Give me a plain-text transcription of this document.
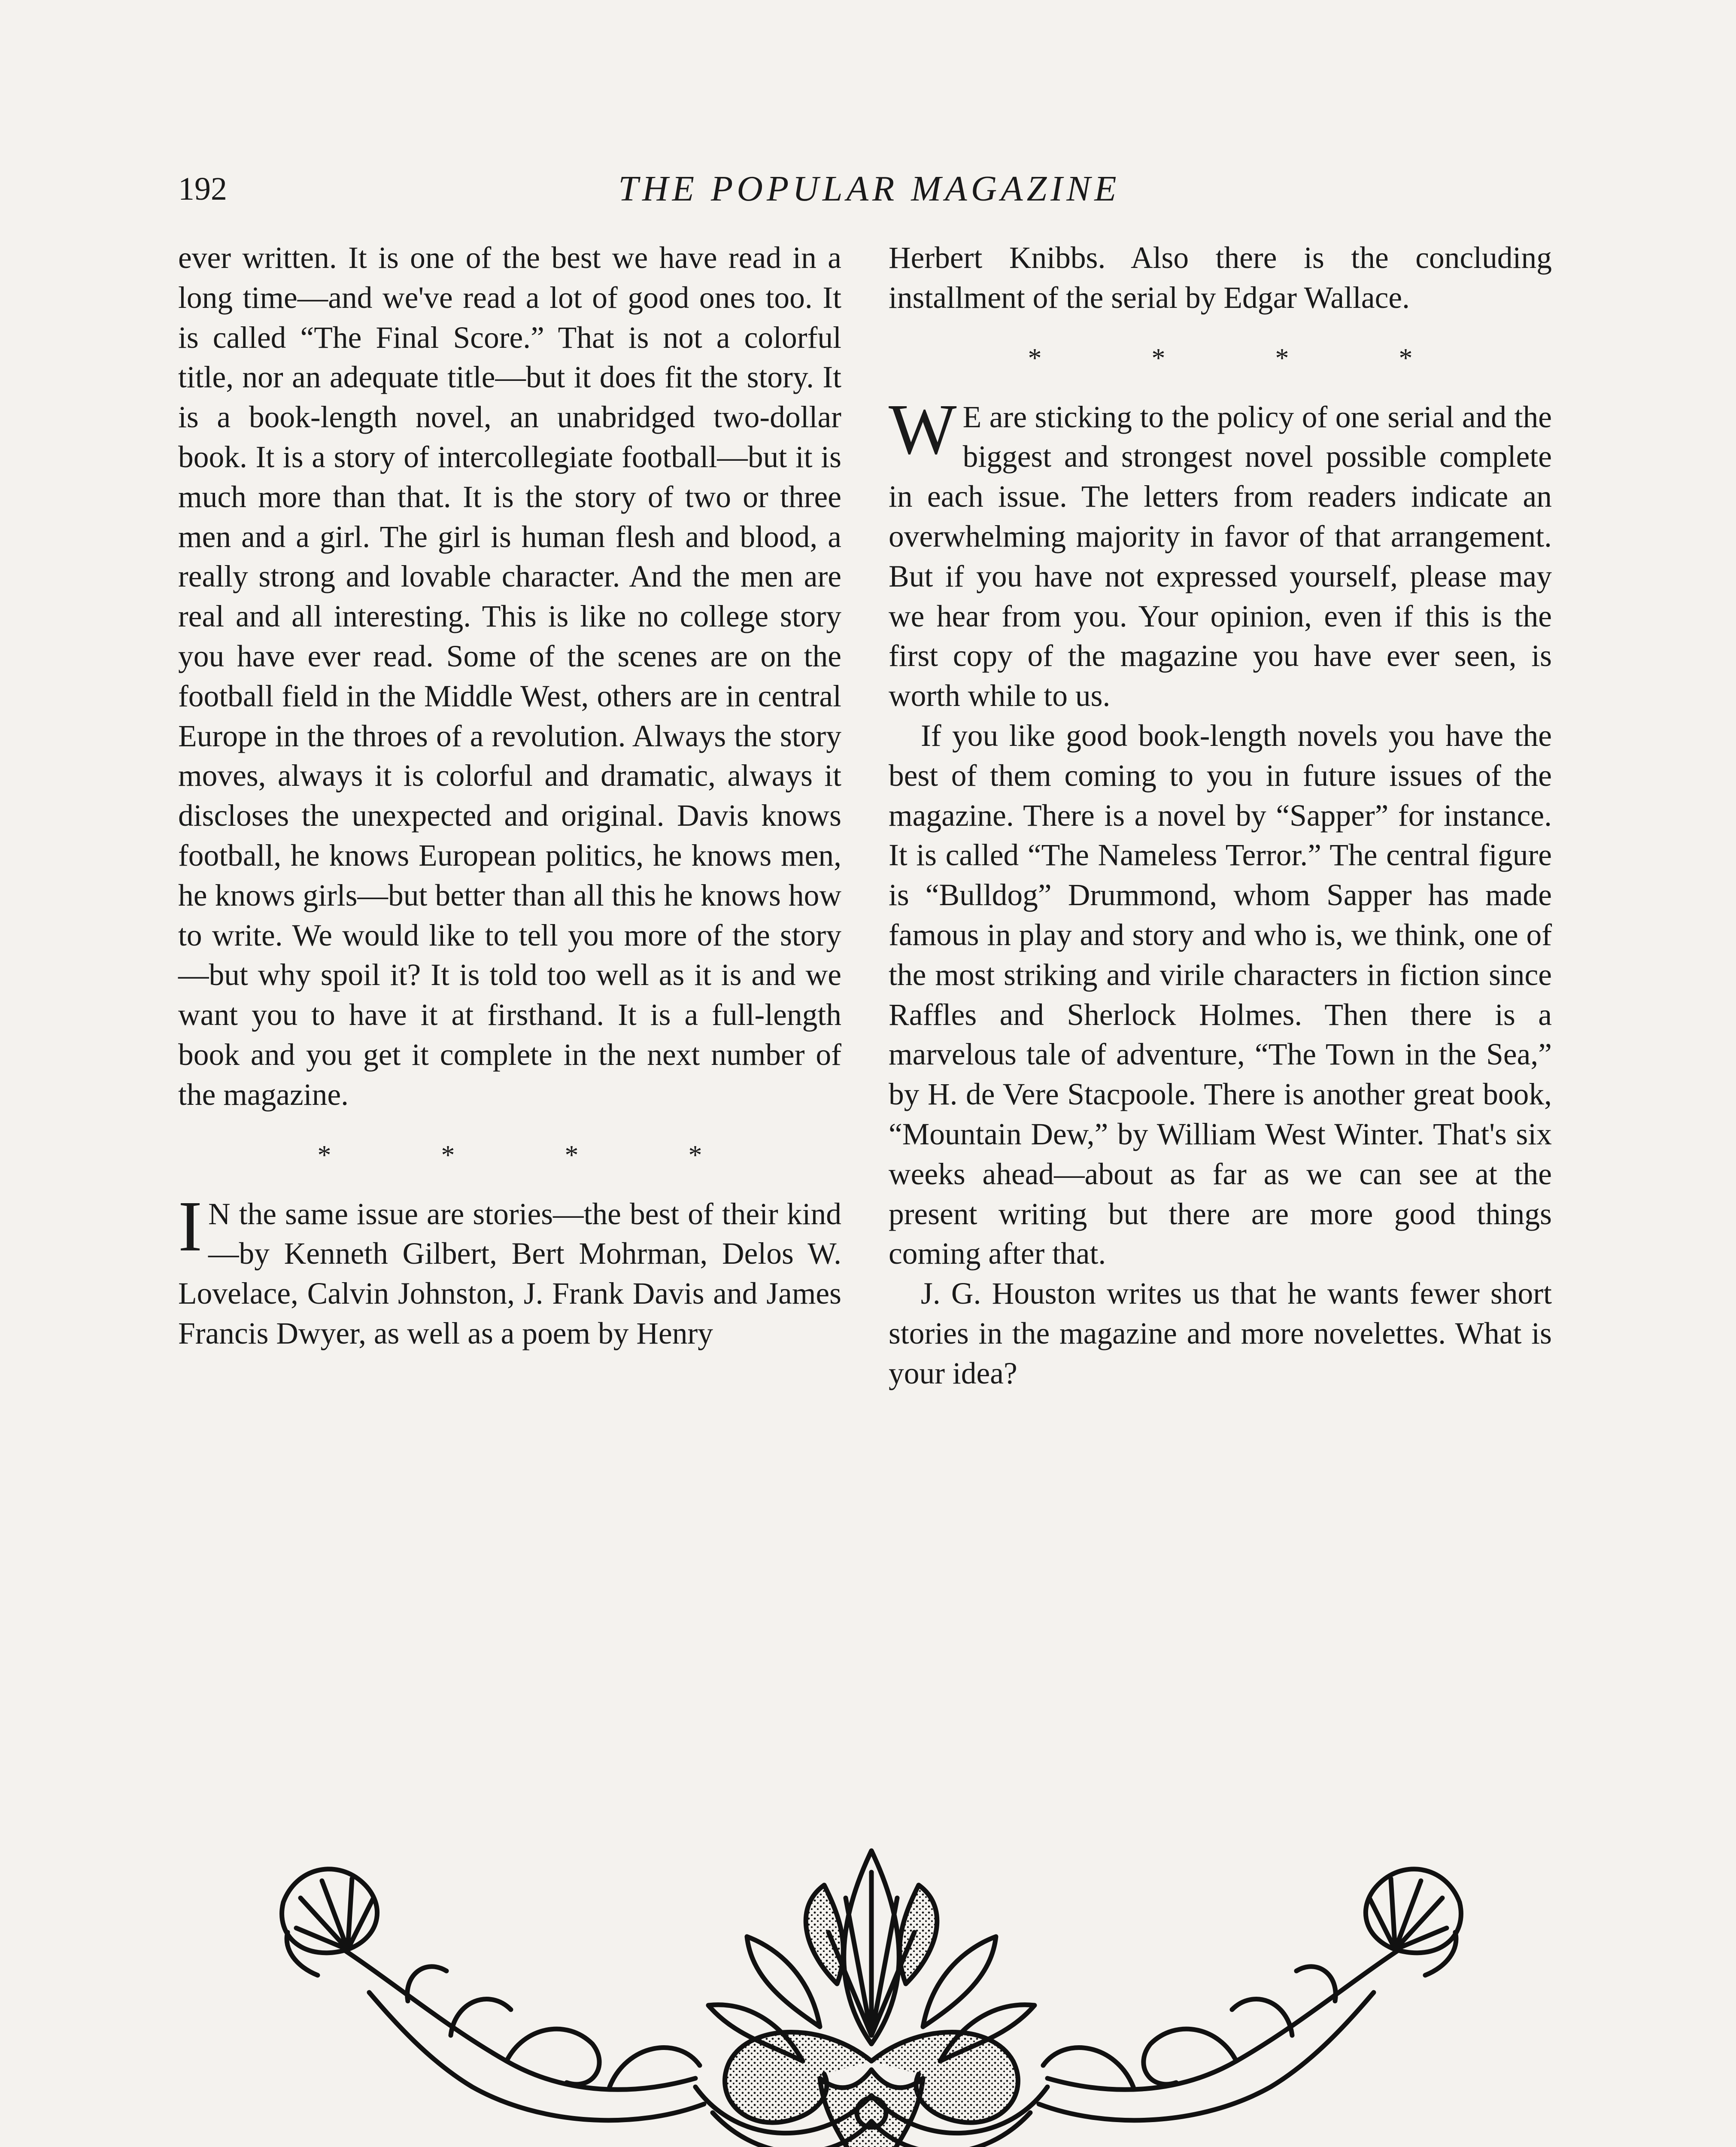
192	THE POPULAR MAGAZINE

ever written. It is one of the best we have read in a long time—and we've read a lot of good ones too. It is called “The Final Score.” That is not a colorful title, nor an adequate title—but it does fit the story. It is a book-length novel, an unabridged two-dollar book. It is a story of intercollegiate football—but it is much more than that. It is the story of two or three men and a girl. The girl is human flesh and blood, a really strong and lovable character. And the men are real and all interesting. This is like no college story you have ever read. Some of the scenes are on the football field in the Middle West, others are in central Europe in the throes of a revolution. Always the story moves, always it is colorful and dramatic, always it discloses the unexpected and original. Davis knows football, he knows European politics, he knows men, he knows girls—but better than all this he knows how to write. We would like to tell you more of the story—but why spoil it? It is told too well as it is and we want you to have it at firsthand. It is a full-length book and you get it complete in the next number of the magazine.

* * * *

I N the same issue are stories—the best of their kind—by Kenneth Gilbert, Bert Mohrman, Delos W. Lovelace, Calvin Johnston, J. Frank Davis and James Francis Dwyer, as well as a poem by Henry

Herbert Knibbs. Also there is the concluding installment of the serial by Edgar Wallace.

* * * *

W E are sticking to the policy of one serial and the biggest and strongest novel possible complete in each issue. The letters from readers indicate an overwhelming majority in favor of that arrangement. But if you have not expressed yourself, please may we hear from you. Your opinion, even if this is the first copy of the magazine you have ever seen, is worth while to us.

If you like good book-length novels you have the best of them coming to you in future issues of the magazine. There is a novel by “Sapper” for instance. It is called “The Nameless Terror.” The central figure is “Bulldog” Drummond, whom Sapper has made famous in play and story and who is, we think, one of the most striking and virile characters in fiction since Raffles and Sherlock Holmes. Then there is a marvelous tale of adventure, “The Town in the Sea,” by H. de Vere Stacpoole. There is another great book, “Mountain Dew,” by William West Winter. That's six weeks ahead—about as far as we can see at the present writing but there are more good things coming after that.

J. G. Houston writes us that he wants fewer short stories in the magazine and more novelettes. What is your idea?
